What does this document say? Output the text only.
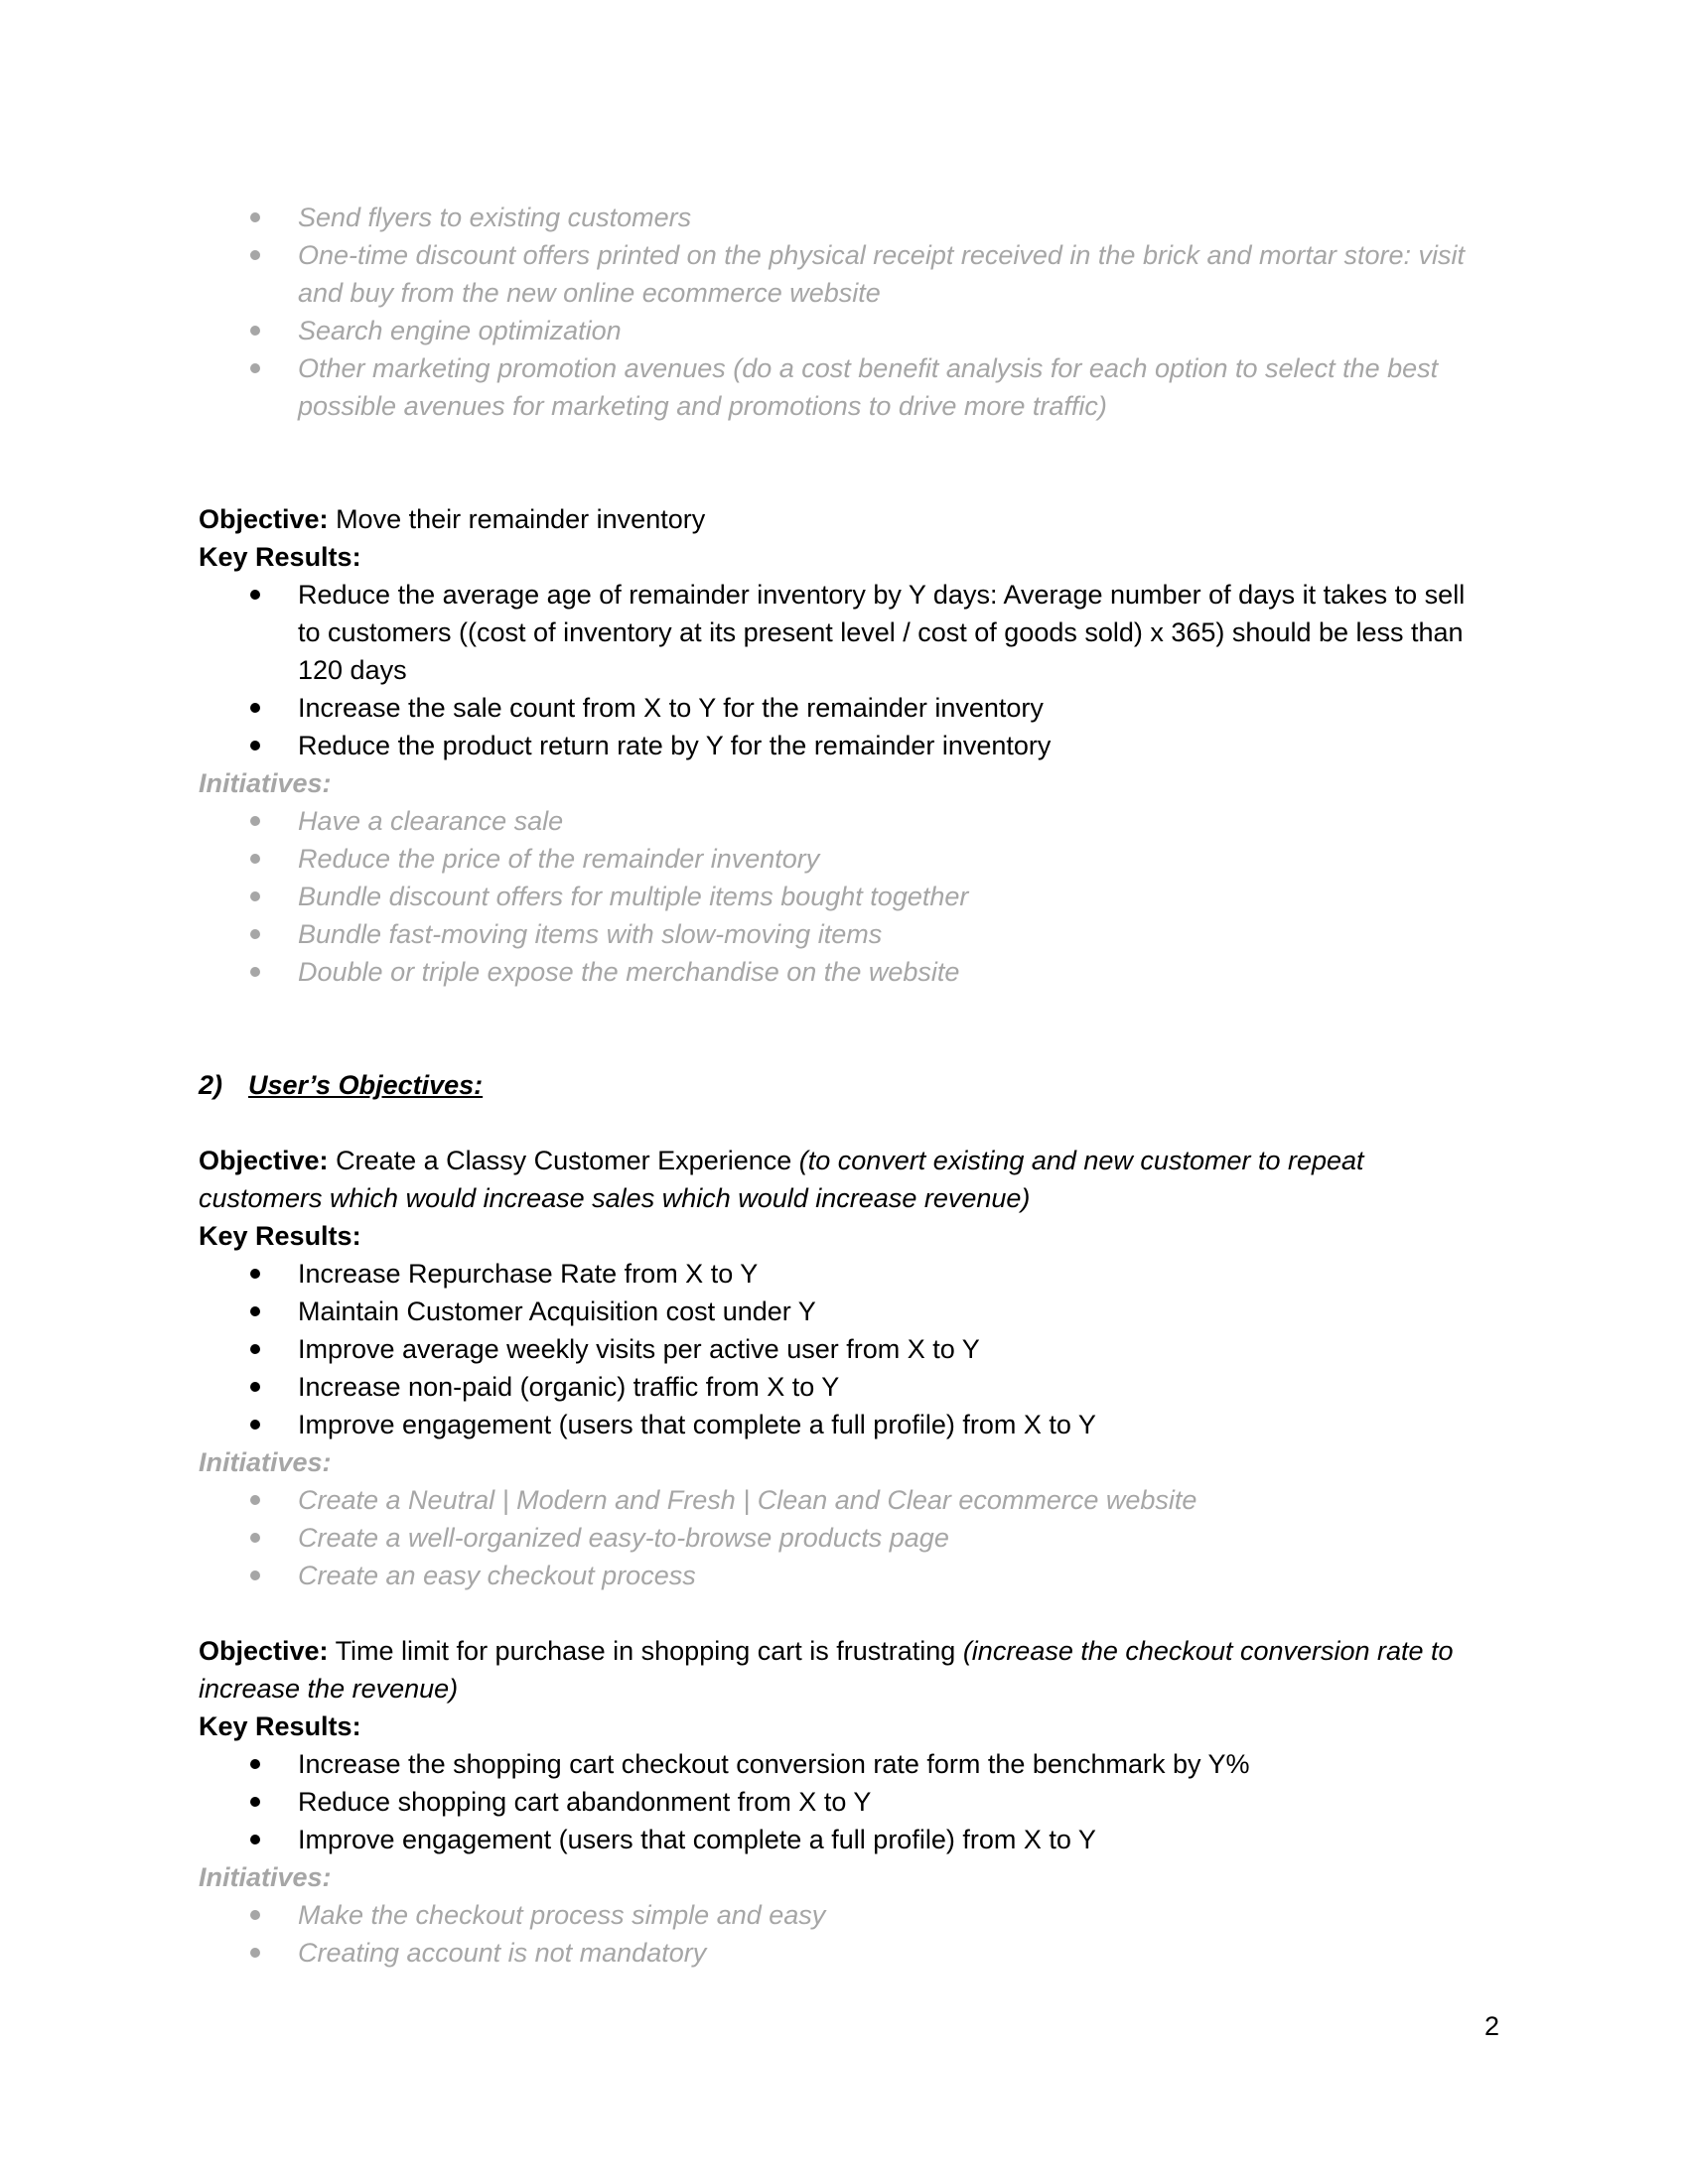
Send flyers to existing customers
One-time discount offers printed on the physical receipt received in the brick and mortar store: visit and buy from the new online ecommerce website
Search engine optimization
Other marketing promotion avenues (do a cost benefit analysis for each option to select the best possible avenues for marketing and promotions to drive more traffic)
Objective: Move their remainder inventory
Key Results:
Reduce the average age of remainder inventory by Y days: Average number of days it takes to sell to customers ((cost of inventory at its present level / cost of goods sold) x 365) should be less than 120 days
Increase the sale count from X to Y for the remainder inventory
Reduce the product return rate by Y for the remainder inventory
Initiatives:
Have a clearance sale
Reduce the price of the remainder inventory
Bundle discount offers for multiple items bought together
Bundle fast-moving items with slow-moving items
Double or triple expose the merchandise on the website
2) User’s Objectives:
Objective: Create a Classy Customer Experience (to convert existing and new customer to repeat customers which would increase sales which would increase revenue)
Key Results:
Increase Repurchase Rate from X to Y
Maintain Customer Acquisition cost under Y
Improve average weekly visits per active user from X to Y
Increase non-paid (organic) traffic from X to Y
Improve engagement (users that complete a full profile) from X to Y
Initiatives:
Create a Neutral | Modern and Fresh | Clean and Clear ecommerce website
Create a well-organized easy-to-browse products page
Create an easy checkout process
Objective: Time limit for purchase in shopping cart is frustrating (increase the checkout conversion rate to increase the revenue)
Key Results:
Increase the shopping cart checkout conversion rate form the benchmark by Y%
Reduce shopping cart abandonment from X to Y
Improve engagement (users that complete a full profile) from X to Y
Initiatives:
Make the checkout process simple and easy
Creating account is not mandatory
2
